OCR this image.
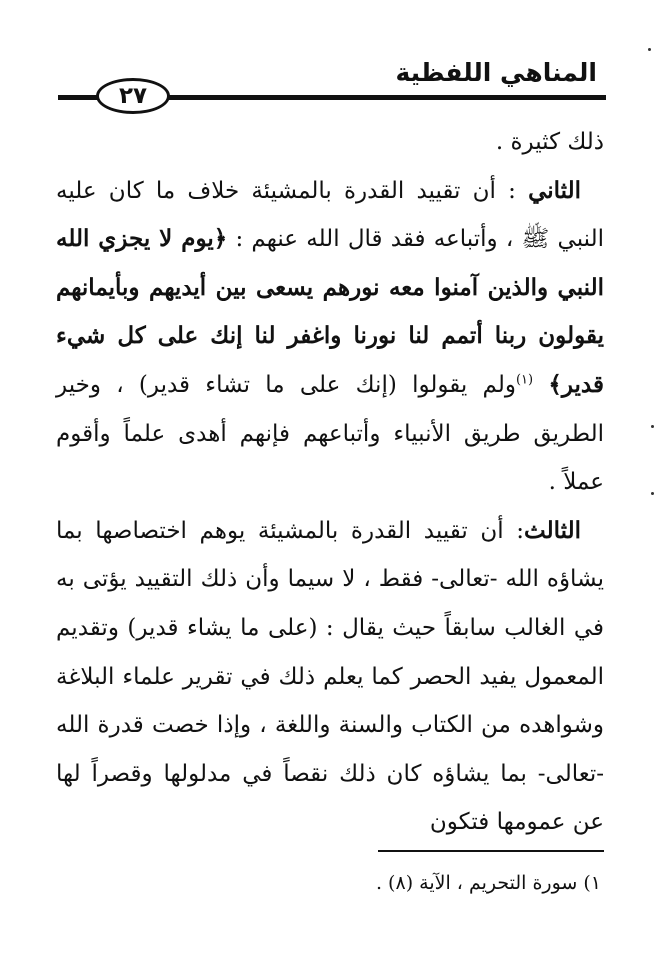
المناهي اللفظية
٢٧

ذلك كثيرة .

 الثاني : أن تقييد القدرة بالمشيئة خلاف ما كان عليه النبي ﷺ ، وأتباعه فقد قال الله عنهم : ﴿يوم لا يجزي الله النبي والذين آمنوا معه نورهم يسعى بين أيديهم وبأيمانهم يقولون ربنا أتمم لنا نورنا واغفر لنا إنك على كل شيء قدير﴾ $^{(١)}$ولم يقولوا (إنك على ما تشاء قدير) ، وخير الطريق طريق الأنبياء وأتباعهم فإنهم أهدى علماً وأقوم عملاً .

 الثالث: أن تقييد القدرة بالمشيئة يوهم اختصاصها بما يشاؤه الله -تعالى- فقط ، لا سيما وأن ذلك التقييد يؤتى به في الغالب سابقاً حيث يقال : (على ما يشاء قدير) وتقديم المعمول يفيد الحصر كما يعلم ذلك في تقرير علماء البلاغة وشواهده من الكتاب والسنة واللغة ، وإذا خصت قدرة الله -تعالى- بما يشاؤه كان ذلك نقصاً في مدلولها وقصراً لها عن عمومها فتكون

١) سورة التحريم ، الآية (٨) .
